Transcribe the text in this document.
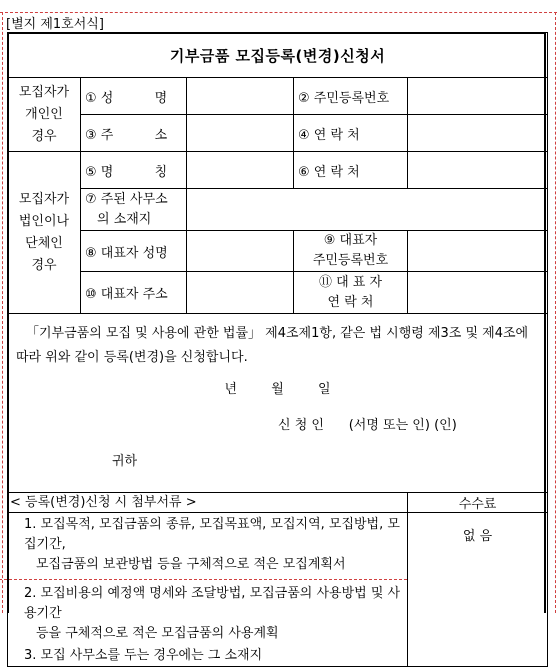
[별지 제1호서식]
기부금품 모집등록(변경)신청서				

모집자가
개인인
경우	① 성          명		② 주민등록번호	
	③ 주          소		④ 연 락 처	

모집자가
법인이나
단체인
경우	⑤ 명          칭		⑥ 연 락 처	

	⑦ 주된 사무소
의 소재지			

	⑧ 대표자 성명		⑨ 대표자
주민등록번호	

	⑩ 대표자 주소		⑪ 대 표 자
연 락 처	

「기부금품의 모집 및 사용에 관한 법률」 제4조제1항, 같은 법 시행령 제3조 및 제4조에 따라 위와 같이 등록(변경)을 신청합니다.
년 월 일
신 청 인      (서명 또는 인) (인)
귀하				

< 등록(변경)신청 시 첨부서류 >				수수료

1. 모집목적, 모집금품의 종류, 모집목표액, 모집지역, 모집방법, 모집기간,
모집금품의 보관방법 등을 구체적으로 적은 모집계획서
2. 모집비용의 예정액 명세와 조달방법, 모집금품의 사용방법 및 사용기간
등을 구체적으로 적은 모집금품의 사용계획
3. 모집 사무소를 두는 경우에는 그 소재지				없 음
